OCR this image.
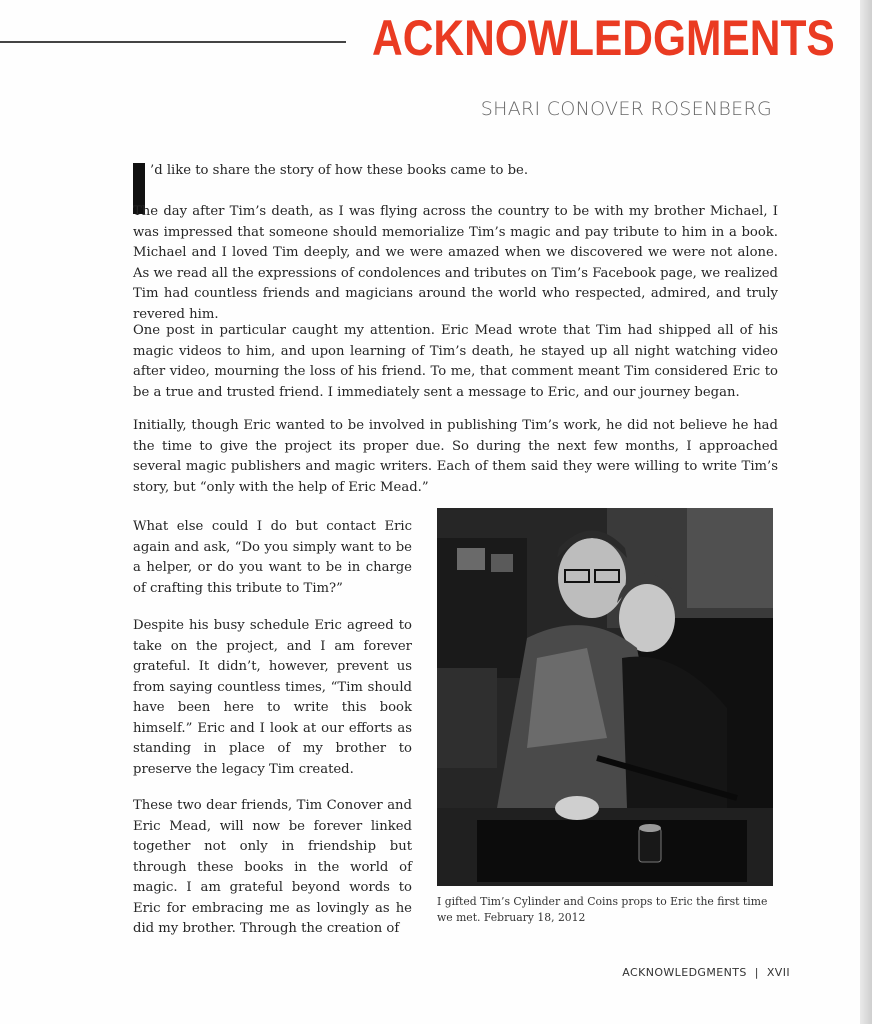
ACKNOWLEDGMENTS
SHARI CONOVER ROSENBERG
’d like to share the story of how these books came to be.
The day after Tim’s death, as I was flying across the country to be with my brother Michael, I was impressed that someone should memorialize Tim’s magic and pay tribute to him in a book. Michael and I loved Tim deeply, and we were amazed when we discovered we were not alone. As we read all the expressions of condolences and tributes on Tim’s Facebook page, we realized Tim had countless friends and magicians around the world who respected, admired, and truly revered him.
One post in particular caught my attention. Eric Mead wrote that Tim had shipped all of his magic videos to him, and upon learning of Tim’s death, he stayed up all night watching video after video, mourning the loss of his friend. To me, that comment meant Tim considered Eric to be a true and trusted friend. I immediately sent a message to Eric, and our journey began.
Initially, though Eric wanted to be involved in publishing Tim’s work, he did not believe he had the time to give the project its proper due. So during the next few months, I approached several magic publishers and magic writers. Each of them said they were willing to write Tim’s story, but “only with the help of Eric Mead.”
What else could I do but contact Eric again and ask, “Do you simply want to be a helper, or do you want to be in charge of crafting this tribute to Tim?”
Despite his busy schedule Eric agreed to take on the project, and I am forever grateful. It didn’t, however, prevent us from saying countless times, “Tim should have been here to write this book himself.” Eric and I look at our efforts as standing in place of my brother to preserve the legacy Tim created.
These two dear friends, Tim Conover and Eric Mead, will now be forever linked together not only in friendship but through these books in the world of magic. I am grateful beyond words to Eric for embracing me as lovingly as he did my brother. Through the creation of
I gifted Tim’s Cylinder and Coins props to Eric the first time we met. February 18, 2012
ACKNOWLEDGMENTS | XVII
